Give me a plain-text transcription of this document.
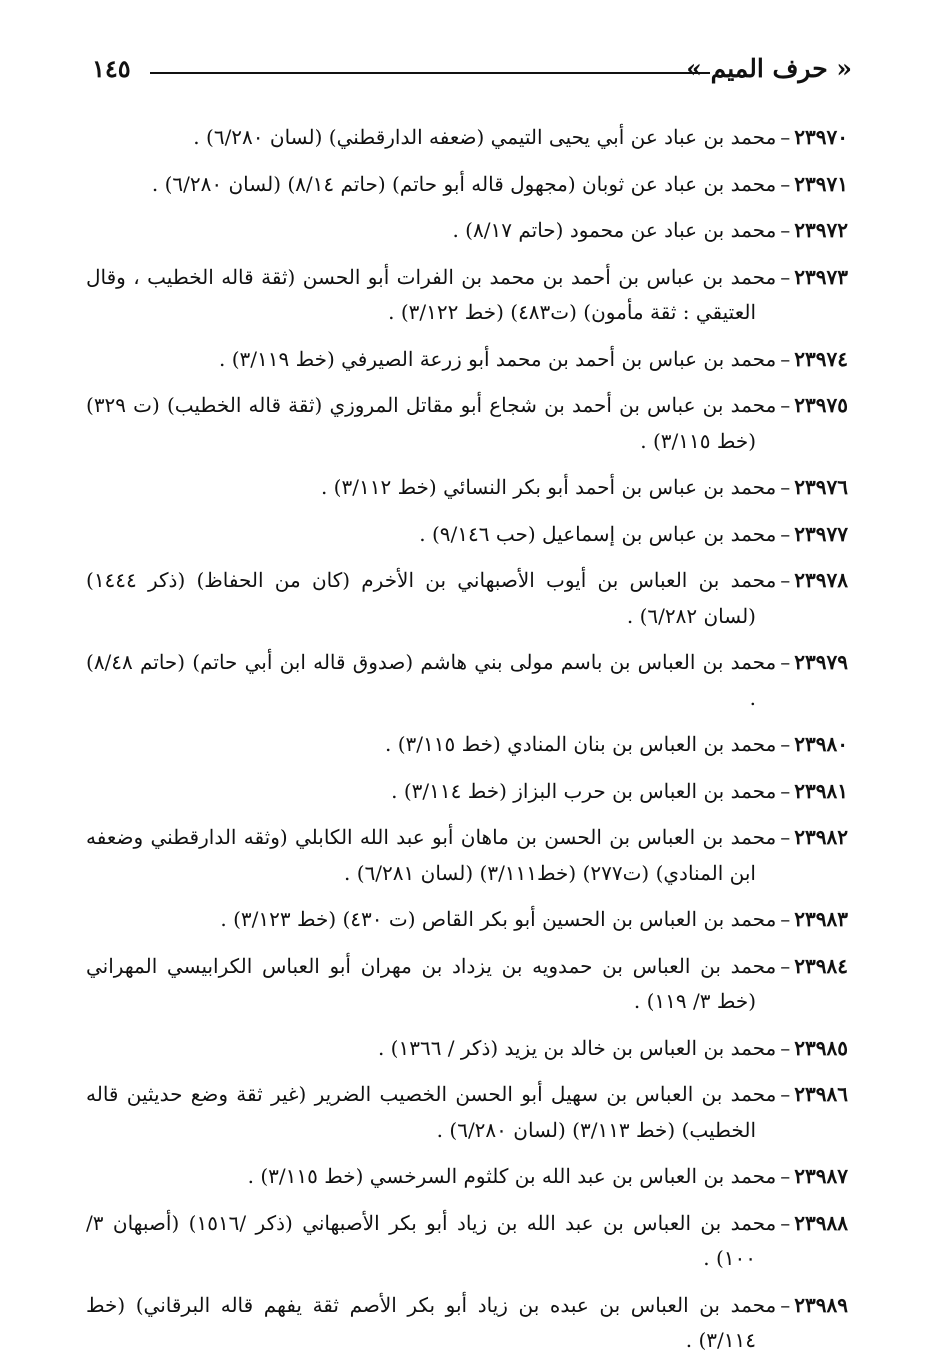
« حرف الميم »
١٤٥

٢٣٩٧٠–محمد بن عباد عن أبي يحيى التيمي (ضعفه الدارقطني) (لسان ٦/٢٨٠) .

٢٣٩٧١–محمد بن عباد عن ثوبان (مجهول قاله أبو حاتم) (حاتم ٨/١٤) (لسان ٦/٢٨٠) .

٢٣٩٧٢–محمد بن عباد عن محمود (حاتم ٨/١٧) .

٢٣٩٧٣–محمد بن عباس بن أحمد بن محمد بن الفرات أبو الحسن (ثقة قاله الخطيب ، وقال العتيقي : ثقة مأمون) (ت٤٨٣) (خط ٣/١٢٢) .

٢٣٩٧٤–محمد بن عباس بن أحمد بن محمد أبو زرعة الصيرفي (خط ٣/١١٩) .

٢٣٩٧٥–محمد بن عباس بن أحمد بن شجاع أبو مقاتل المروزي (ثقة قاله الخطيب) (ت ٣٢٩) (خط ٣/١١٥) .

٢٣٩٧٦–محمد بن عباس بن أحمد أبو بكر النسائي (خط ٣/١١٢) .

٢٣٩٧٧–محمد بن عباس بن إسماعيل (حب ٩/١٤٦) .

٢٣٩٧٨–محمد بن العباس بن أيوب الأصبهاني بن الأخرم (كان من الحفاظ) (ذكر ١٤٤٤) (لسان ٦/٢٨٢) .

٢٣٩٧٩–محمد بن العباس بن باسم مولى بني هاشم (صدوق قاله ابن أبي حاتم) (حاتم ٨/٤٨) .

٢٣٩٨٠–محمد بن العباس بن بنان المنادي (خط ٣/١١٥) .

٢٣٩٨١–محمد بن العباس بن حرب البزاز (خط ٣/١١٤) .

٢٣٩٨٢–محمد بن العباس بن الحسن بن ماهان أبو عبد الله الكابلي (وثقه الدارقطني وضعفه ابن المنادي) (ت٢٧٧) (خط٣/١١١) (لسان ٦/٢٨١) .

٢٣٩٨٣–محمد بن العباس بن الحسين أبو بكر القاص (ت ٤٣٠) (خط ٣/١٢٣) .

٢٣٩٨٤–محمد بن العباس بن حمدويه بن يزداد بن مهران أبو العباس الكرابيسي المهراني (خط ٣/ ١١٩) .

٢٣٩٨٥–محمد بن العباس بن خالد بن يزيد (ذكر / ١٣٦٦) .

٢٣٩٨٦–محمد بن العباس بن سهيل أبو الحسن الخصيب الضرير (غير ثقة وضع حديثين قاله الخطيب) (خط ٣/١١٣) (لسان ٦/٢٨٠) .

٢٣٩٨٧–محمد بن العباس بن عبد الله بن كلثوم السرخسي (خط ٣/١١٥) .

٢٣٩٨٨–محمد بن العباس بن عبد الله بن زياد أبو بكر الأصبهاني (ذكر /١٥١٦) (أصبهان ٣/ ١٠٠) .

٢٣٩٨٩–محمد بن العباس بن عبده بن زياد أبو بكر الأصم ثقة يفهم قاله البرقاني) (خط ٣/١١٤) .
